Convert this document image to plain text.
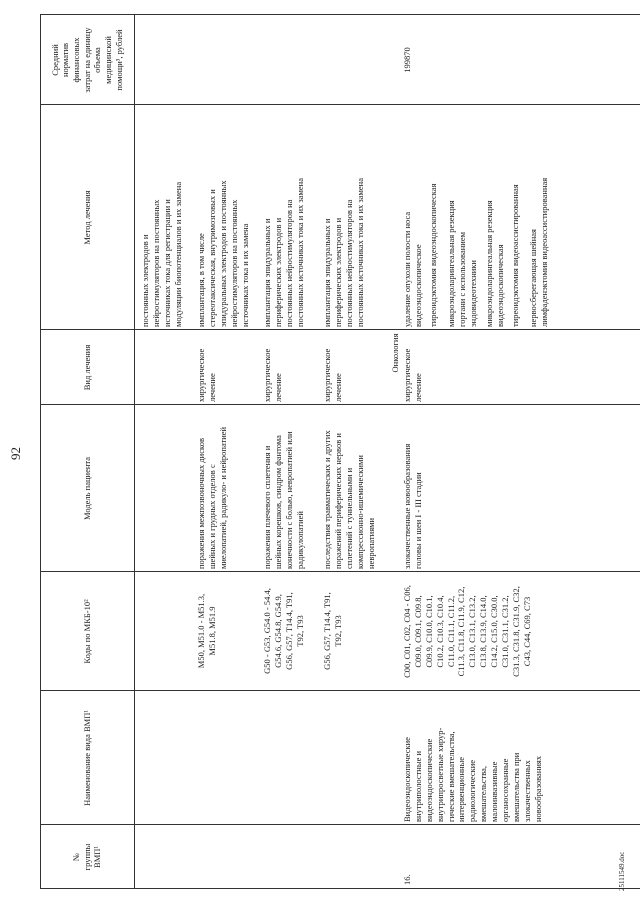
92
№
группы
ВМП¹
Наименование вида ВМП¹
Коды по МКБ-10²
Модель пациента
Вид лечения
Метод лечения
Средний
норматив
финансовых
затрат на единицу
объема
медицинской
помощи³, рублей
постоянных электродов и
нейростимуляторов на постоянных
источниках тока для регистрации и
модуляции биопотенциалов и их замена
M50, M51.0 - M51.3,
M51.8, M51.9
поражения межпозвоночных дисков
шейных и грудных отделов с
миелопатией, радикуло- и нейропатией
хирургическое
лечение
имплантация, в том числе
стереотаксическая, внутримозговых и
эпидуральных электродов и постоянных
нейростимуляторов на постоянных
источниках тока и их замена
G50 - G53, G54.0 - 54.4,
G54.6, G54.8, G54.9,
G56, G57, T14.4, T91,
T92, T93
поражения плечевого сплетения и
шейных корешков, синдром фантома
конечности с болью, невропатией или
радикулопатией
хирургическое
лечение
имплантация эпидуральных и
периферических электродов и
постоянных нейростимуляторов на
постоянных источниках тока и их замена
G56, G57, T14.4, T91,
T92, T93
последствия травматических и других
поражений периферических нервов и
сплетений с туннельными и
компрессионно-ишемическими
невропатиями
хирургическое
лечение
имплантация эпидуральных и
периферических электродов и
постоянных нейростимуляторов на
постоянных источниках тока и их замена
Онкология
16.
Видеоэндоскопические
внутриполостные и
видеоэндоскопические
внутрипросветные хирур-
гические вмешательства,
интервенционные
радиологические
вмешательства,
малоинвазивные
органосохранные
вмешательства при
злокачественных
новообразованиях
C00, C01, C02, C04 - C06,
C09.0, C09.1, C09.8,
C09.9, C10.0, C10.1,
C10.2, C10.3, C10.4,
C11.0, C11.1, C11.2,
C11.3, C11.8, C11.9, C12,
C13.0, C13.1, C13.2,
C13.8, C13.9, C14.0,
C14.2, C15.0, C30.0,
C31.0, C31.1, C31.2,
C31.3, C31.8, C31.9, C32,
C43, C44, C69, C73
злокачественные новообразования
головы и шеи I - III стадии
хирургическое
лечение
удаление опухоли полости носа
видеоэндоскопическое тиреоидэктомия видеоэндоскопическая микроэндоларингеальная резекция
гортани с использованием
эндовидеотехники микроэндоларингеальная резекция
видеоэндоскопическая тиреоидэктомия видеоассистированная нервосберегающая шейная
лимфаденэктомия видеоассистированная
199870
25111549.doc
